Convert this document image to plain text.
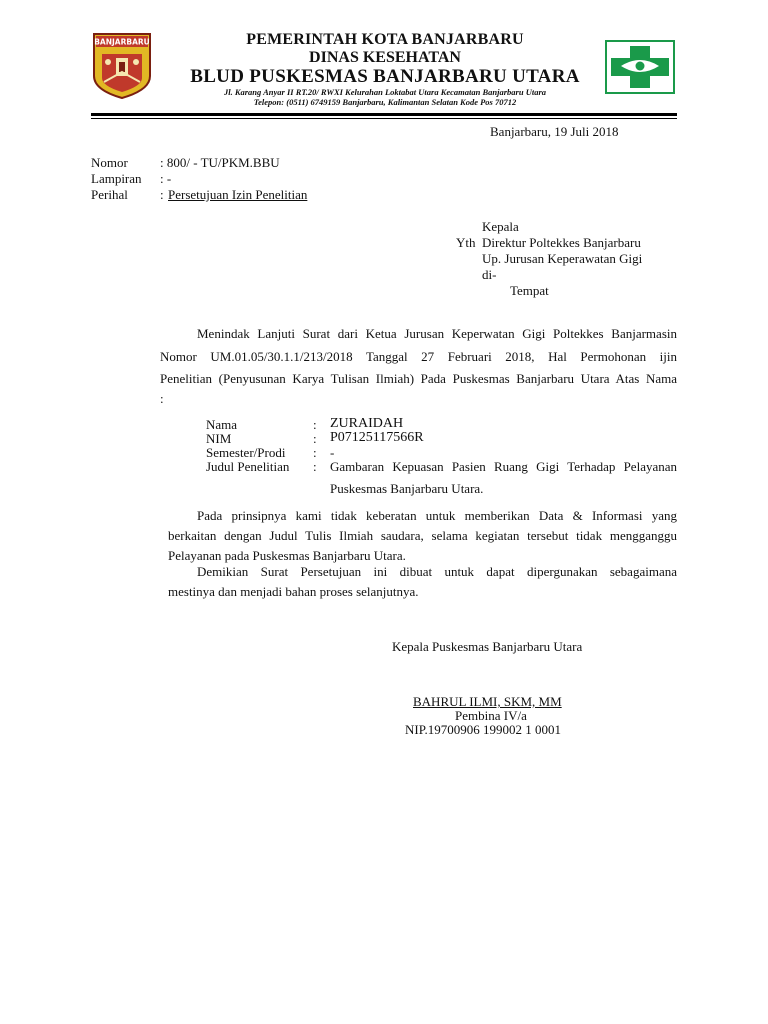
BANJARBARU	PEMERINTAH KOTA BANJARBARU
DINAS KESEHATAN
BLUD PUSKESMAS BANJARBARU UTARA
Jl. Karang Anyar II RT.20/ RWXI Kelurahan Loktabat Utara Kecamatan Banjarbaru Utara
Telepon: (0511) 6749159 Banjarbaru, Kalimantan Selatan Kode Pos 70712
Banjarbaru, 19 Juli 2018
Nomor : 800/ - TU/PKM.BBU
Lampiran : -
Perihal : Persetujuan Izin Penelitian
Kepala
Yth Direktur Poltekkes Banjarbaru
Up. Jurusan Keperawatan Gigi
di-
Tempat
Menindak Lanjuti Surat dari Ketua Jurusan Keperwatan Gigi Poltekkes Banjarmasin
Nomor UM.01.05/30.1.1/213/2018 Tanggal 27 Februari 2018, Hal Permohonan ijin
Penelitian (Penyusunan Karya Tulisan Ilmiah) Pada Puskesmas Banjarbaru Utara Atas Nama
:
Nama	: ZURAIDAH
NIM	: P07125117566R
Semester/Prodi : -
Judul Penelitian : Gambaran Kepuasan Pasien Ruang Gigi Terhadap Pelayanan
Puskesmas Banjarbaru Utara.
Pada prinsipnya kami tidak keberatan untuk memberikan Data & Informasi yang
berkaitan dengan Judul Tulis Ilmiah saudara, selama kegiatan tersebut tidak mengganggu
Pelayanan pada Puskesmas Banjarbaru Utara.
Demikian Surat Persetujuan ini dibuat untuk dapat dipergunakan sebagaimana
mestinya dan menjadi bahan proses selanjutnya.
Kepala Puskesmas Banjarbaru Utara
BAHRUL ILMI, SKM, MM
Pembina IV/a
NIP.19700906 199002 1 0001
